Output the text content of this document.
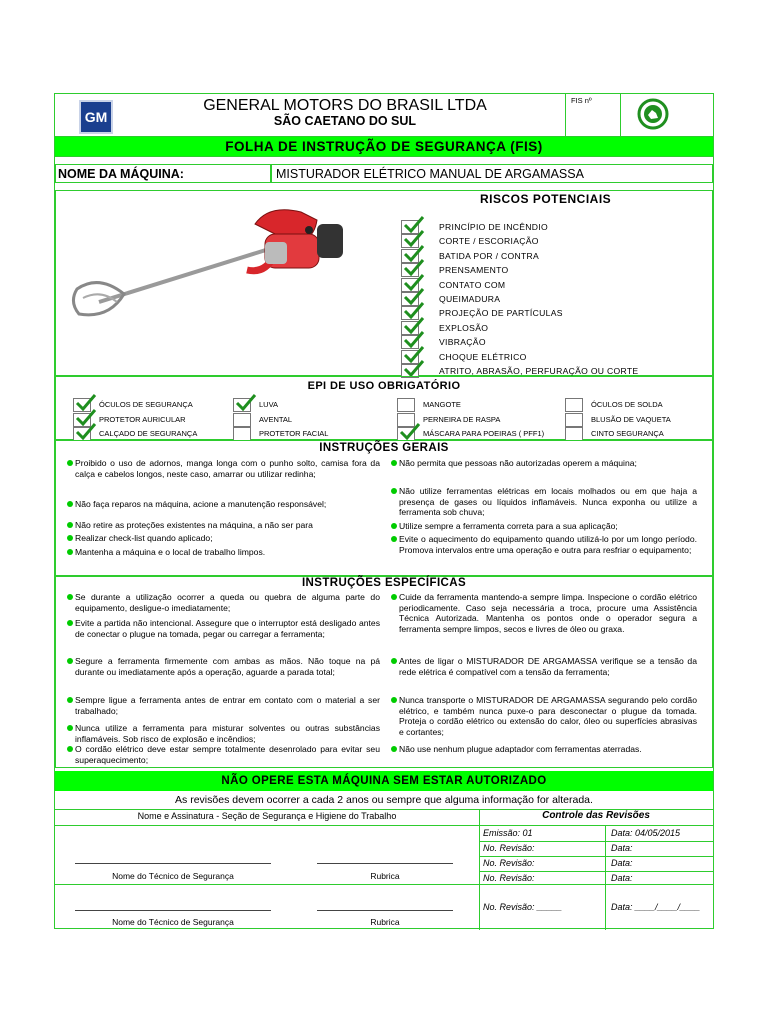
GM
GENERAL MOTORS DO BRASIL LTDA
SÃO CAETANO DO SUL
FIS nº
FOLHA DE INSTRUÇÃO DE SEGURANÇA (FIS)
NOME DA MÁQUINA:	MISTURADOR ELÉTRICO MANUAL DE ARGAMASSA
RISCOS POTENCIAIS
PRINCÍPIO DE INCÊNDIO
CORTE / ESCORIAÇÃO
BATIDA POR / CONTRA
PRENSAMENTO
CONTATO COM
QUEIMADURA
PROJEÇÃO DE PARTÍCULAS
EXPLOSÃO
VIBRAÇÃO
CHOQUE ELÉTRICO
ATRITO, ABRASÃO, PERFURAÇÃO OU CORTE
EPI DE USO OBRIGATÓRIO
ÓCULOS DE SEGURANÇA	LUVA	MANGOTE	ÓCULOS DE SOLDA
PROTETOR AURICULAR	AVENTAL	PERNEIRA DE RASPA	BLUSÃO DE VAQUETA
CALÇADO DE SEGURANÇA	PROTETOR FACIAL	MÁSCARA PARA POEIRAS ( PFF1)	CINTO SEGURANÇA
INSTRUÇÕES GERAIS
Proibido o uso de adornos, manga longa com o punho solto, camisa fora da calça e cabelos longos, neste caso, amarrar ou utilizar redinha;
Não faça reparos na máquina, acione a manutenção responsável;
Não retire as proteções existentes na máquina, a não ser para
Realizar check-list quando aplicado;
Mantenha a máquina e o local de trabalho limpos.
Não permita que pessoas não autorizadas operem a máquina;
Não utilize ferramentas elétricas em locais molhados ou em que haja a presença de gases ou líquidos inflamáveis. Nunca exponha ou utilize a ferramenta sob chuva;
Utilize sempre a ferramenta correta para a sua aplicação;
Evite o aquecimento do equipamento quando utilizá-lo por um longo período. Promova intervalos entre uma operação e outra para resfriar o equipamento;
INSTRUÇÕES ESPECÍFICAS
Se durante a utilização ocorrer a queda ou quebra de alguma parte do equipamento, desligue-o imediatamente;
Evite a partida não intencional. Assegure que o interruptor está desligado antes de conectar o plugue na tomada, pegar ou carregar a ferramenta;
Segure a ferramenta firmemente com ambas as mãos. Não toque na pá durante ou imediatamente após a operação, aguarde a parada total;
Sempre ligue a ferramenta antes de entrar em contato com o material a ser trabalhado;
Nunca utilize a ferramenta para misturar solventes ou outras substâncias inflamáveis. Sob risco de explosão e incêndios;
O cordão elétrico deve estar sempre totalmente desenrolado para evitar seu superaquecimento;
Cuide da ferramenta mantendo-a sempre limpa. Inspecione o cordão elétrico periodicamente. Caso seja necessária a troca, procure uma Assistência Técnica Autorizada. Mantenha os pontos onde o operador segura a ferramenta sempre limpos, secos e livres de óleo ou graxa.
Antes de ligar o MISTURADOR DE ARGAMASSA verifique se a tensão da rede elétrica é compatível com a tensão da ferramenta;
Nunca transporte o MISTURADOR DE ARGAMASSA segurando pelo cordão elétrico, e também nunca puxe-o para desconectar o plugue da tomada. Proteja o cordão elétrico ou extensão do calor, óleo ou superfícies abrasivas e cortantes;
Não use nenhum plugue adaptador com ferramentas aterradas.
NÃO OPERE ESTA MÁQUINA SEM ESTAR AUTORIZADO
As revisões devem ocorrer a cada 2 anos ou sempre que alguma informação for alterada.
Nome e Assinatura - Seção de Segurança e Higiene do Trabalho	Controle das Revisões
Nome do Técnico de Segurança	Rubrica
Nome do Técnico de Segurança	Rubrica
Emissão: 01	Data: 04/05/2015
No. Revisão:	Data:
No. Revisão:	Data:
No. Revisão:	Data:
No. Revisão: _____	Data: ____/____/____
